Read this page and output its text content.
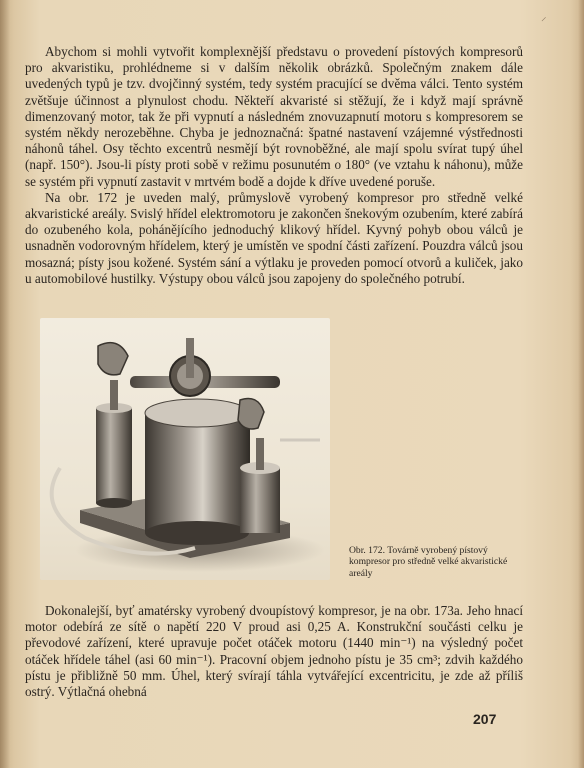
⸍

Abychom si mohli vytvořit komplexnější představu o provedení pístových kompresorů pro akvaristiku, prohlédneme si v dalším několik obrázků. Společným znakem dále uvedených typů je tzv. dvojčinný systém, tedy systém pracující se dvěma válci. Tento systém zvětšuje účinnost a plynulost chodu. Někteří akvaristé si stěžují, že i když mají správně dimenzovaný motor, tak že při vypnutí a následném znovuzapnutí motoru s kompresorem se systém někdy nerozeběhne. Chyba je jednoznačná: špatné nastavení vzájemné výstřednosti náhonů táhel. Osy těchto excentrů nesmějí být rovnoběžné, ale mají spolu svírat tupý úhel (např. 150°). Jsou-li písty proti sobě v režimu posunutém o 180° (ve vztahu k náhonu), může se systém při vypnutí zastavit v mrtvém bodě a dojde k dříve uvedené poruše.

Na obr. 172 je uveden malý, průmyslově vyrobený kompresor pro středně velké akvaristické areály. Svislý hřídel elektromotoru je zakončen šnekovým ozubením, které zabírá do ozubeného kola, pohánějícího jednoduchý klikový hřídel. Kyvný pohyb obou válců je usnadněn vodorovným hřídelem, který je umístěn ve spodní části zařízení. Pouzdra válců jsou mosazná; písty jsou kožené. Systém sání a výtlaku je proveden pomocí otvorů a kuliček, jako u automobilové hustilky. Výstupy obou válců jsou zapojeny do společného potrubí.

Obr. 172. Továrně vyrobený pístový kompresor pro středně velké akvaristické areály

Dokonalejší, byť amatérsky vyrobený dvoupístový kompresor, je na obr. 173a. Jeho hnací motor odebírá ze sítě o napětí 220 V proud asi 0,25 A. Konstrukční součásti celku je převodové zařízení, které upravuje počet otáček motoru (1440 min⁻¹) na výsledný počet otáček hřídele táhel (asi 60 min⁻¹). Pracovní objem jednoho pístu je 35 cm³; zdvih každého pístu je přibližně 50 mm. Úhel, který svírají táhla vytvářející excentricitu, je zde až příliš ostrý. Výtlačná ohebná

207
